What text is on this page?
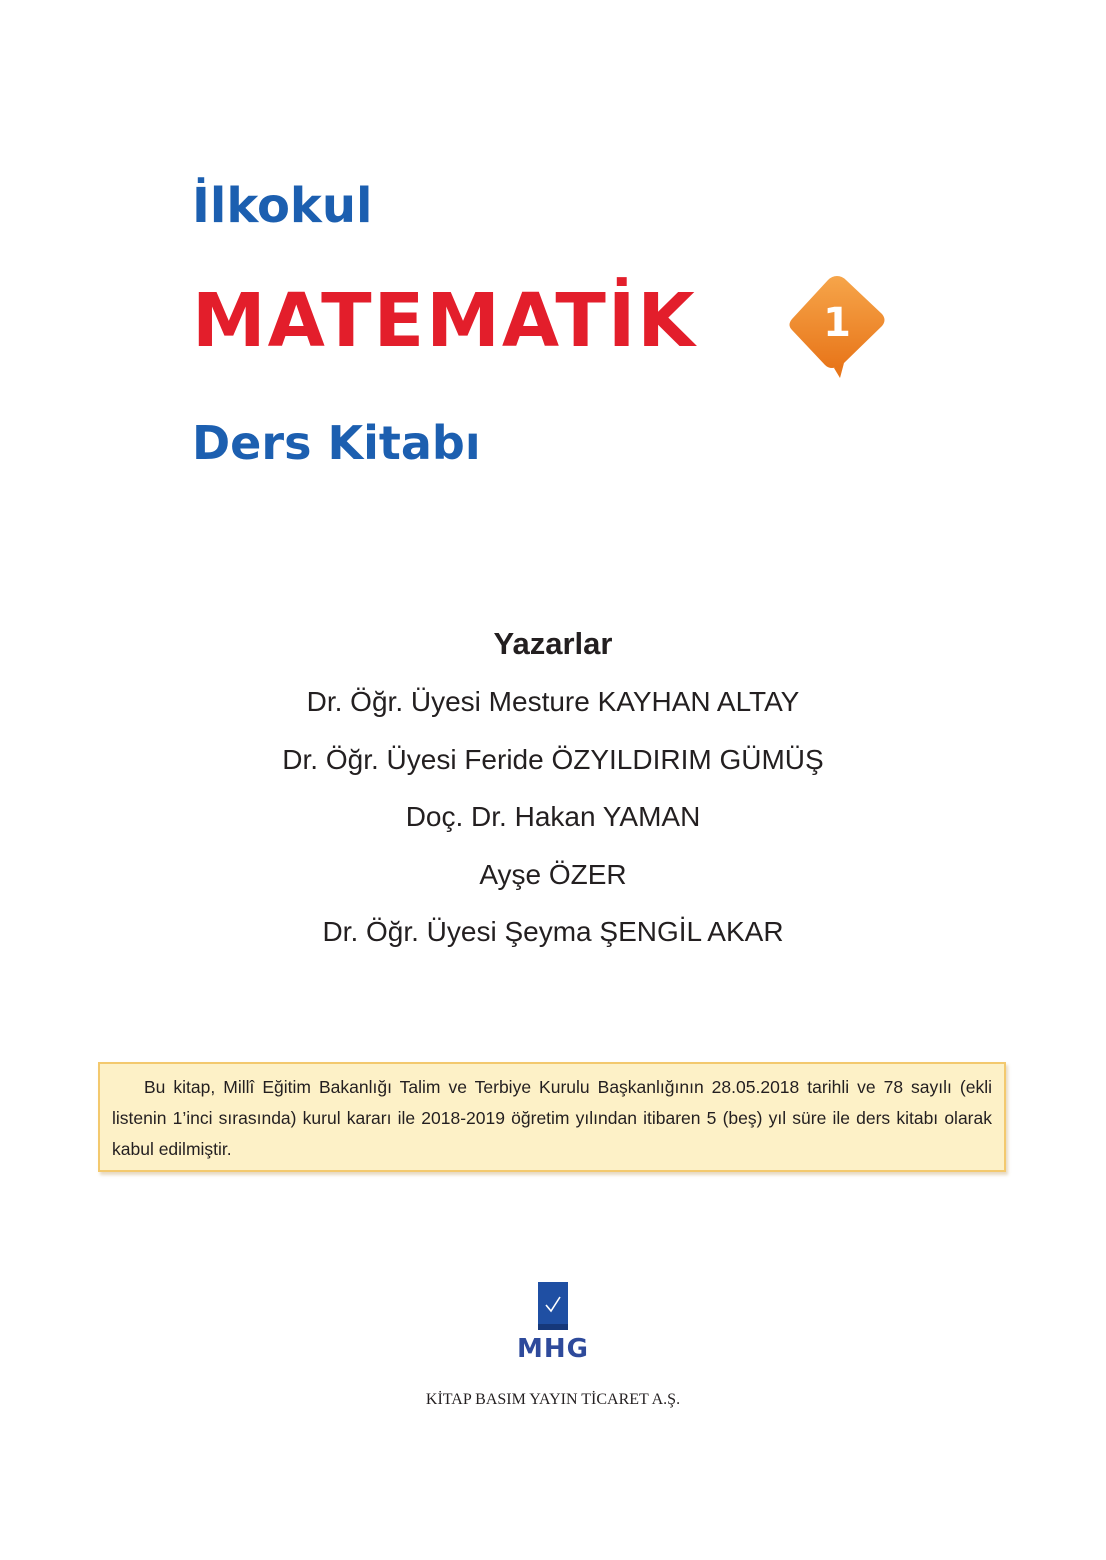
İlkokul
MATEMATİK	1
Ders Kitabı

Yazarlar

Dr. Öğr. Üyesi Mesture KAYHAN ALTAY

Dr. Öğr. Üyesi Feride ÖZYILDIRIM GÜMÜŞ

Doç. Dr. Hakan YAMAN

Ayşe ÖZER

Dr. Öğr. Üyesi Şeyma ŞENGİL AKAR

Bu kitap, Millî Eğitim Bakanlığı Talim ve Terbiye Kurulu Başkanlığının 28.05.2018 tarihli ve 78 sayılı (ekli listenin 1’inci sırasında) kurul kararı ile 2018-2019 öğretim yılından itibaren 5 (beş) yıl süre ile ders kitabı olarak kabul edilmiştir.
MHG
KİTAP BASIM YAYIN TİCARET A.Ş.
